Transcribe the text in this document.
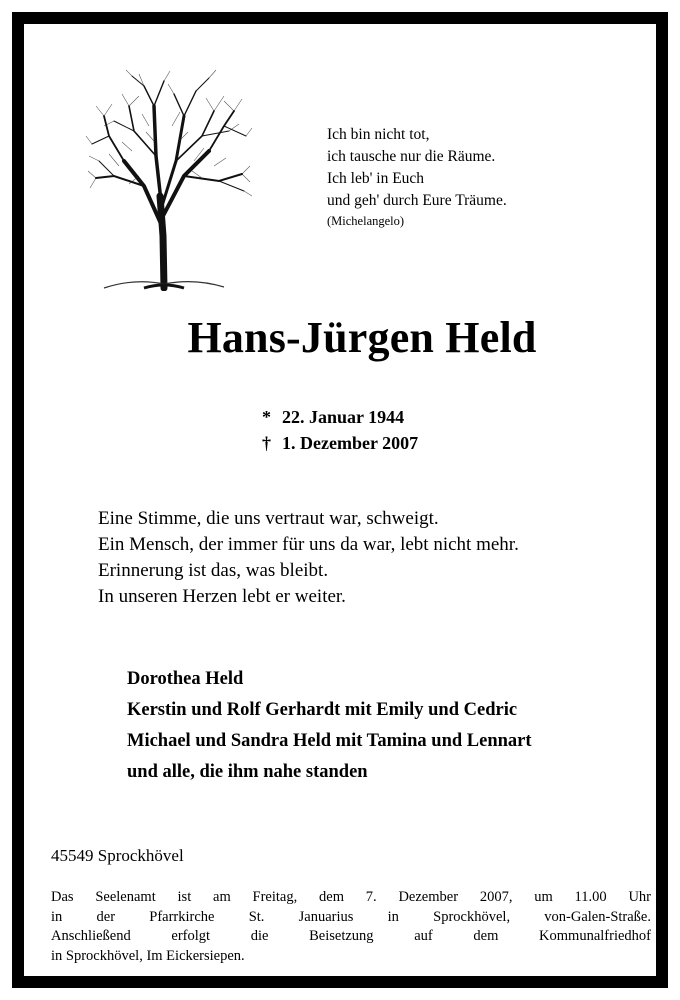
Ich bin nicht tot,
ich tausche nur die Räume.
Ich leb' in Euch
und geh' durch Eure Träume.
(Michelangelo)
Hans-Jürgen Held
* 22. Januar 1944
† 1. Dezember 2007
Eine Stimme, die uns vertraut war, schweigt.
Ein Mensch, der immer für uns da war, lebt nicht mehr.
Erinnerung ist das, was bleibt.
In unseren Herzen lebt er weiter.
Dorothea Held
Kerstin und Rolf Gerhardt mit Emily und Cedric
Michael und Sandra Held mit Tamina und Lennart
und alle, die ihm nahe standen
45549 Sprockhövel
Das Seelenamt ist am Freitag, dem 7. Dezember 2007, um 11.00 Uhr
in der Pfarrkirche St. Januarius in Sprockhövel, von-Galen-Straße.
Anschließend erfolgt die Beisetzung auf dem Kommunalfriedhof
in Sprockhövel, Im Eickersiepen.
